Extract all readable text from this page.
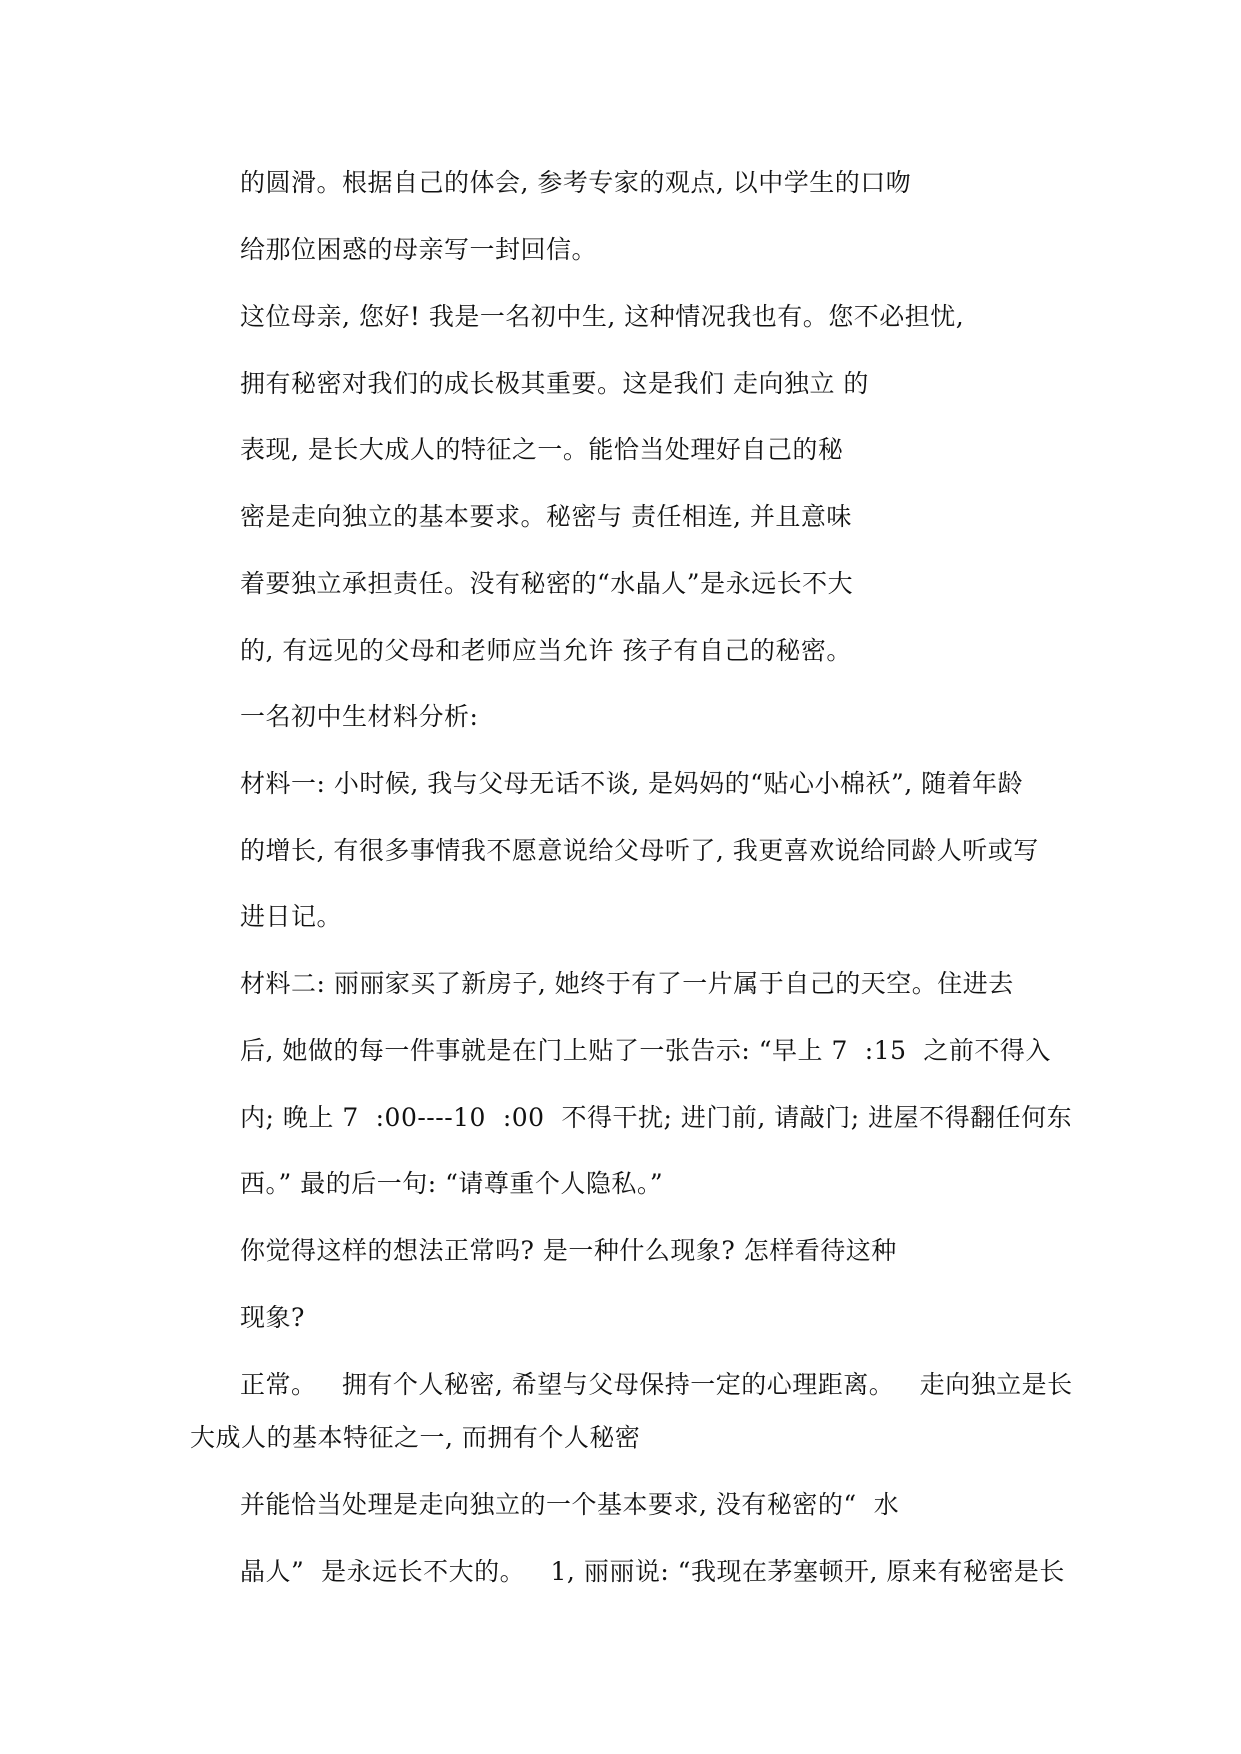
的圆滑。根据自己的体会, 参考专家的观点, 以中学生的口吻
给那位困惑的母亲写一封回信。
这位母亲, 您好! 我是一名初中生, 这种情况我也有。您不必担忧,
拥有秘密对我们的成长极其重要。这是我们 走向独立 的
表现, 是长大成人的特征之一。能恰当处理好自己的秘
密是走向独立的基本要求。秘密与 责任相连, 并且意味
着要独立承担责任。没有秘密的“水晶人”是永远长不大
的, 有远见的父母和老师应当允许 孩子有自己的秘密。
一名初中生材料分析:
材料一: 小时候, 我与父母无话不谈, 是妈妈的“贴心小棉袄”, 随着年龄
的增长, 有很多事情我不愿意说给父母听了, 我更喜欢说给同龄人听或写
进日记。
材料二: 丽丽家买了新房子, 她终于有了一片属于自己的天空。住进去
后, 她做的每一件事就是在门上贴了一张告示: “早上 7  :15  之前不得入
内; 晚上 7  :00----10  :00  不得干扰; 进门前, 请敲门; 进屋不得翻任何东
西。” 最的后一句: “请尊重个人隐私。”
你觉得这样的想法正常吗? 是一种什么现象? 怎样看待这种
现象?
正常。   拥有个人秘密, 希望与父母保持一定的心理距离。   走向独立是长
大成人的基本特征之一, 而拥有个人秘密
并能恰当处理是走向独立的一个基本要求, 没有秘密的“  水
晶人”  是永远长不大的。   1, 丽丽说: “我现在茅塞顿开, 原来有秘密是长
